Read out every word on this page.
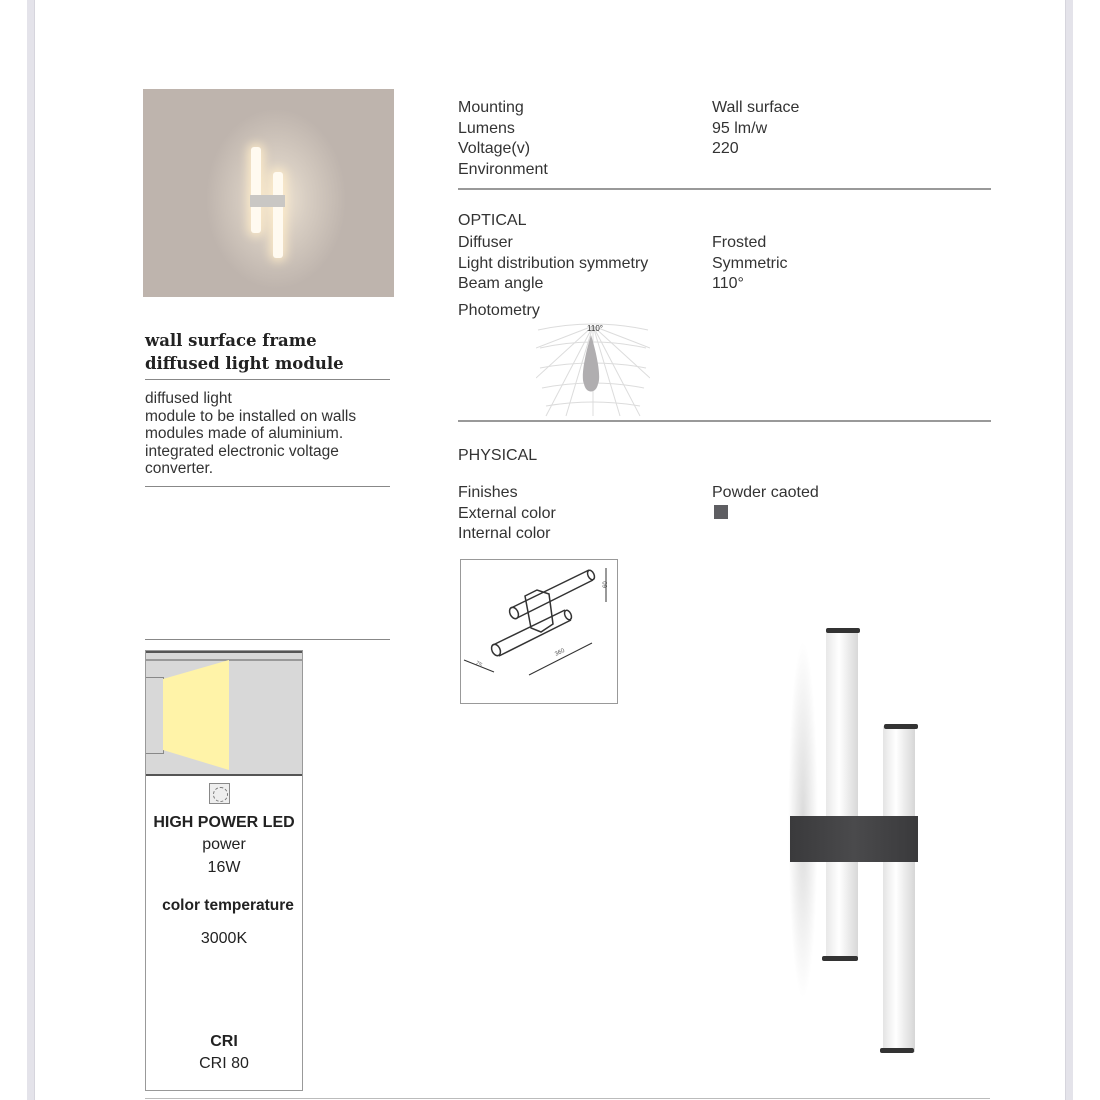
Mounting	Wall surface
Lumens	95 lm/w
Voltage(v)	220
Environment
OPTICAL
Diffuser	Frosted
Light distribution symmetry	Symmetric
Beam angle	110°
Photometry
110°
PHYSICAL
Finishes	Powder caoted
External color
Internal color
60
75
360
wall surface frame
diffused light module
diffused light
module to be installed on walls
modules made of aluminium.
integrated electronic voltage
converter.
HIGH POWER LED
power
16W
color temperature
3000K
CRI
CRI 80
